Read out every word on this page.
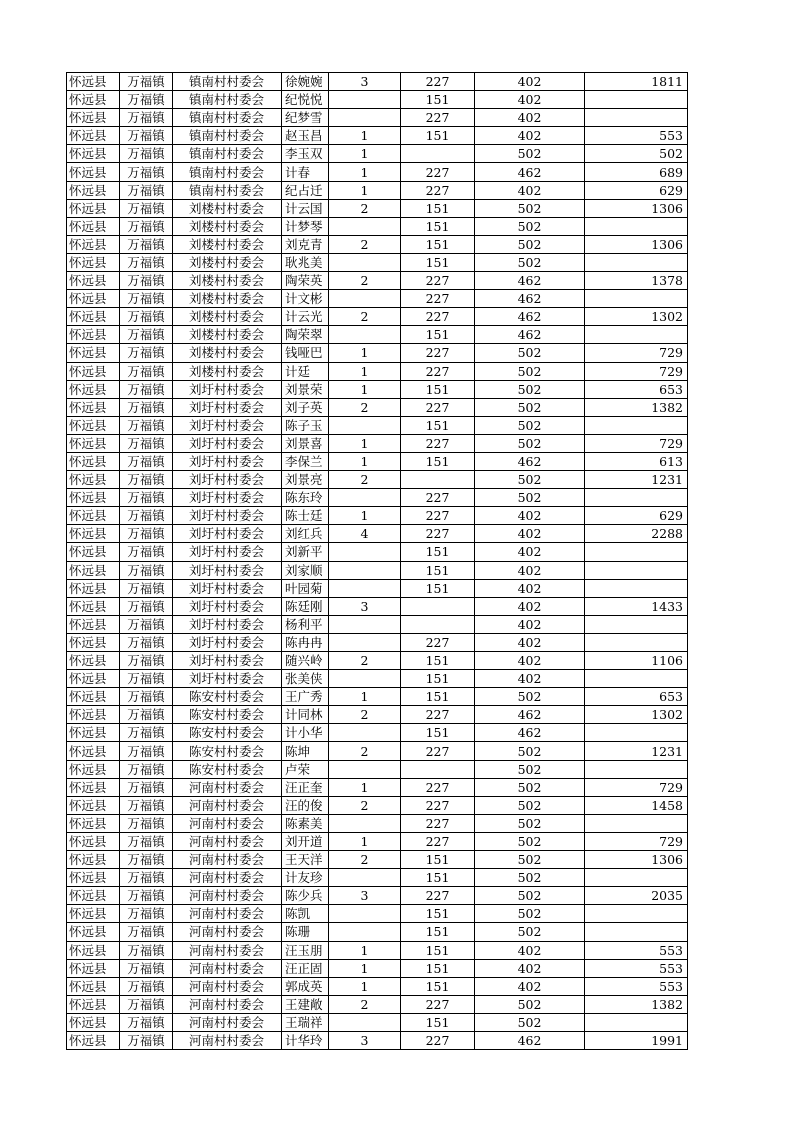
怀远县	万福镇	镇南村村委会	徐婉婉	3	227	402	1811
怀远县	万福镇	镇南村村委会	纪悦悦		151	402	
怀远县	万福镇	镇南村村委会	纪梦雪		227	402	
怀远县	万福镇	镇南村村委会	赵玉昌	1	151	402	553
怀远县	万福镇	镇南村村委会	李玉双	1		502	502
怀远县	万福镇	镇南村村委会	计春	1	227	462	689
怀远县	万福镇	镇南村村委会	纪占迁	1	227	402	629
怀远县	万福镇	刘楼村村委会	计云国	2	151	502	1306
怀远县	万福镇	刘楼村村委会	计梦琴		151	502	
怀远县	万福镇	刘楼村村委会	刘克青	2	151	502	1306
怀远县	万福镇	刘楼村村委会	耿兆美		151	502	
怀远县	万福镇	刘楼村村委会	陶荣英	2	227	462	1378
怀远县	万福镇	刘楼村村委会	计文彬		227	462	
怀远县	万福镇	刘楼村村委会	计云光	2	227	462	1302
怀远县	万福镇	刘楼村村委会	陶荣翠		151	462	
怀远县	万福镇	刘楼村村委会	钱哑巴	1	227	502	729
怀远县	万福镇	刘楼村村委会	计廷	1	227	502	729
怀远县	万福镇	刘圩村村委会	刘景荣	1	151	502	653
怀远县	万福镇	刘圩村村委会	刘子英	2	227	502	1382
怀远县	万福镇	刘圩村村委会	陈子玉		151	502	
怀远县	万福镇	刘圩村村委会	刘景喜	1	227	502	729
怀远县	万福镇	刘圩村村委会	李保兰	1	151	462	613
怀远县	万福镇	刘圩村村委会	刘景亮	2		502	1231
怀远县	万福镇	刘圩村村委会	陈东玲		227	502	
怀远县	万福镇	刘圩村村委会	陈士廷	1	227	402	629
怀远县	万福镇	刘圩村村委会	刘红兵	4	227	402	2288
怀远县	万福镇	刘圩村村委会	刘新平		151	402	
怀远县	万福镇	刘圩村村委会	刘家顺		151	402	
怀远县	万福镇	刘圩村村委会	叶园菊		151	402	
怀远县	万福镇	刘圩村村委会	陈廷刚	3		402	1433
怀远县	万福镇	刘圩村村委会	杨利平			402	
怀远县	万福镇	刘圩村村委会	陈冉冉		227	402	
怀远县	万福镇	刘圩村村委会	随兴岭	2	151	402	1106
怀远县	万福镇	刘圩村村委会	张美侠		151	402	
怀远县	万福镇	陈安村村委会	王广秀	1	151	502	653
怀远县	万福镇	陈安村村委会	计同林	2	227	462	1302
怀远县	万福镇	陈安村村委会	计小华		151	462	
怀远县	万福镇	陈安村村委会	陈坤	2	227	502	1231
怀远县	万福镇	陈安村村委会	卢荣			502	
怀远县	万福镇	河南村村委会	汪正奎	1	227	502	729
怀远县	万福镇	河南村村委会	汪的俊	2	227	502	1458
怀远县	万福镇	河南村村委会	陈素美		227	502	
怀远县	万福镇	河南村村委会	刘开道	1	227	502	729
怀远县	万福镇	河南村村委会	王天洋	2	151	502	1306
怀远县	万福镇	河南村村委会	计友珍		151	502	
怀远县	万福镇	河南村村委会	陈少兵	3	227	502	2035
怀远县	万福镇	河南村村委会	陈凯		151	502	
怀远县	万福镇	河南村村委会	陈珊		151	502	
怀远县	万福镇	河南村村委会	汪玉朋	1	151	402	553
怀远县	万福镇	河南村村委会	汪正固	1	151	402	553
怀远县	万福镇	河南村村委会	郭成英	1	151	402	553
怀远县	万福镇	河南村村委会	王建敞	2	227	502	1382
怀远县	万福镇	河南村村委会	王瑞祥		151	502	
怀远县	万福镇	河南村村委会	计华玲	3	227	462	1991
